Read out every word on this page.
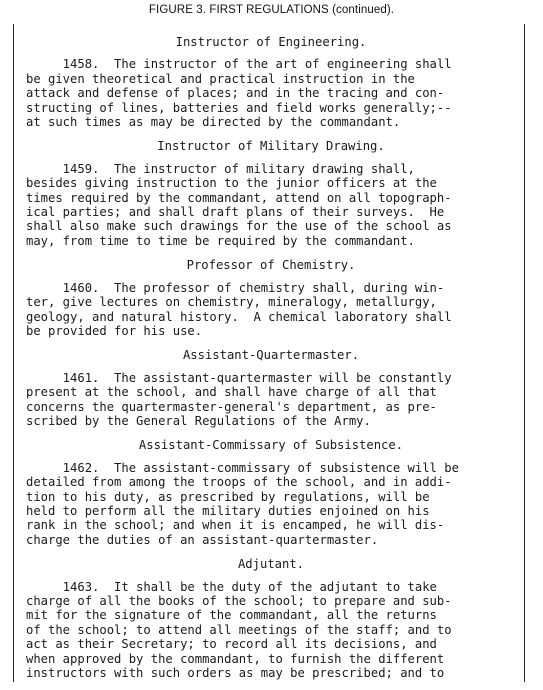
FIGURE 3. FIRST REGULATIONS (continued).
Instructor of Engineering.
1458.  The instructor of the art of engineering shall
be given theoretical and practical instruction in the
attack and defense of places; and in the tracing and con-
structing of lines, batteries and field works generally;--
at such times as may be directed by the commandant.
Instructor of Military Drawing.
1459.  The instructor of military drawing shall,
besides giving instruction to the junior officers at the
times required by the commandant, attend on all topograph-
ical parties; and shall draft plans of their surveys.  He
shall also make such drawings for the use of the school as
may, from time to time be required by the commandant.
Professor of Chemistry.
1460.  The professor of chemistry shall, during win-
ter, give lectures on chemistry, mineralogy, metallurgy,
geology, and natural history.  A chemical laboratory shall
be provided for his use.
Assistant-Quartermaster.
1461.  The assistant-quartermaster will be constantly
present at the school, and shall have charge of all that
concerns the quartermaster-general's department, as pre-
scribed by the General Regulations of the Army.
Assistant-Commissary of Subsistence.
1462.  The assistant-commissary of subsistence will be
detailed from among the troops of the school, and in addi-
tion to his duty, as prescribed by regulations, will be
held to perform all the military duties enjoined on his
rank in the school; and when it is encamped, he will dis-
charge the duties of an assistant-quartermaster.
Adjutant.
1463.  It shall be the duty of the adjutant to take
charge of all the books of the school; to prepare and sub-
mit for the signature of the commandant, all the returns
of the school; to attend all meetings of the staff; and to
act as their Secretary; to record all its decisions, and
when approved by the commandant, to furnish the different
instructors with such orders as may be prescribed; and to
